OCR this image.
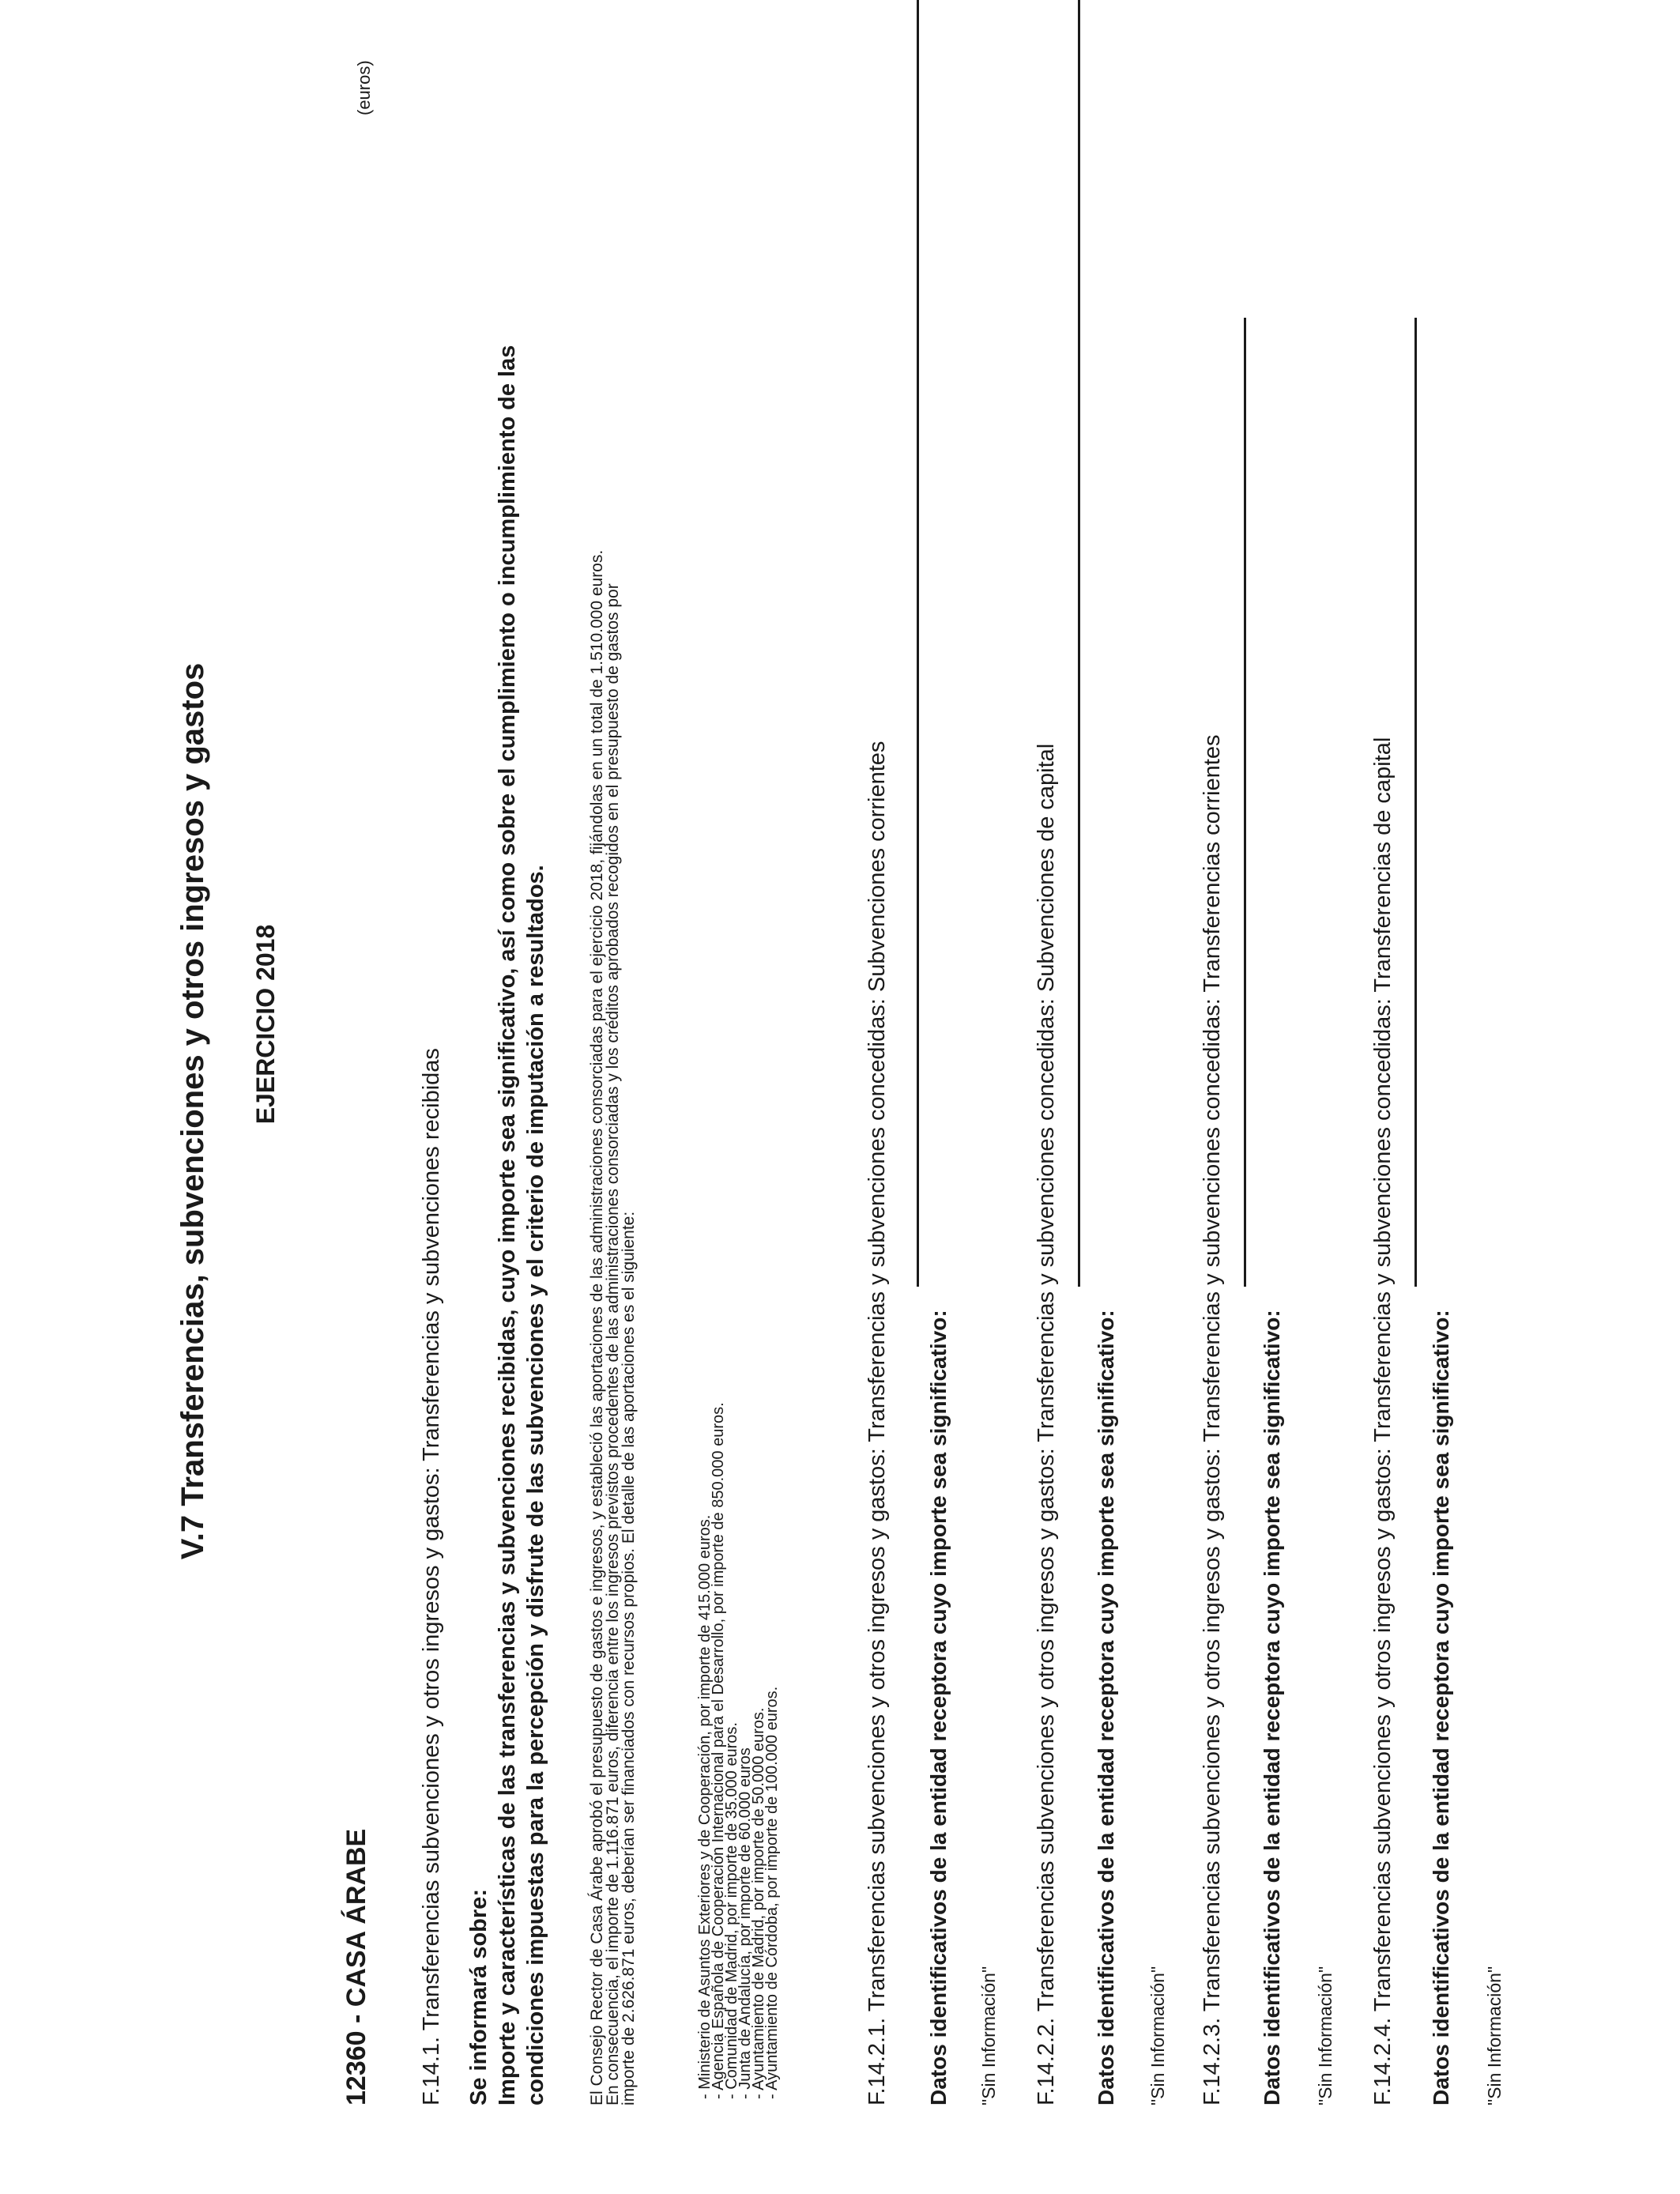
V.7 Transferencias, subvenciones y otros ingresos y gastos EJERCICIO 2018
(euros)
12360 - CASA ÁRABE F.14.1. Transferencias subvenciones y otros ingresos y gastos: Transferencias y subvenciones recibidas Se informará sobre: Importe y características de las transferencias y subvenciones recibidas, cuyo importe sea significativo, así como sobre el cumplimiento o incumplimiento de las condiciones impuestas para la percepción y disfrute de las subvenciones y el criterio de imputación a resultados. El Consejo Rector de Casa Árabe aprobó el presupuesto de gastos e ingresos, y estableció las aportaciones de las administraciones consorciadas para el ejercicio 2018, fijándolas en un total de 1.510.000 euros.
En consecuencia, el importe de 1.116.871 euros, diferencia entre los ingresos previstos procedentes de las administraciones consorciadas y los créditos aprobados recogidos en el presupuesto de gastos por
importe de 2.626.871 euros, deberían ser financiados con recursos propios. El detalle de las aportaciones es el siguiente:	- Ministerio de Asuntos Exteriores y de Cooperación, por importe de 415.000 euros.
- Agencia Española de Cooperación Internacional para el Desarrollo, por importe de 850.000 euros.
- Comunidad de Madrid, por importe de 35.000 euros.
- Junta de Andalucía, por importe de 60.000 euros
- Ayuntamiento de Madrid, por importe de 50.000 euros.
- Ayuntamiento de Córdoba, por importe de 100.000 euros.	F.14.2.1. Transferencias subvenciones y otros ingresos y gastos: Transferencias y subvenciones concedidas: Subvenciones corrientes Datos identificativos de la entidad receptora cuyo importe sea significativo: "Sin Información" F.14.2.2. Transferencias subvenciones y otros ingresos y gastos: Transferencias y subvenciones concedidas: Subvenciones de capital Datos identificativos de la entidad receptora cuyo importe sea significativo: "Sin Información" F.14.2.3. Transferencias subvenciones y otros ingresos y gastos: Transferencias y subvenciones concedidas: Transferencias corrientes Datos identificativos de la entidad receptora cuyo importe sea significativo: "Sin Información" F.14.2.4. Transferencias subvenciones y otros ingresos y gastos: Transferencias y subvenciones concedidas: Transferencias de capital Datos identificativos de la entidad receptora cuyo importe sea significativo: "Sin Información"
